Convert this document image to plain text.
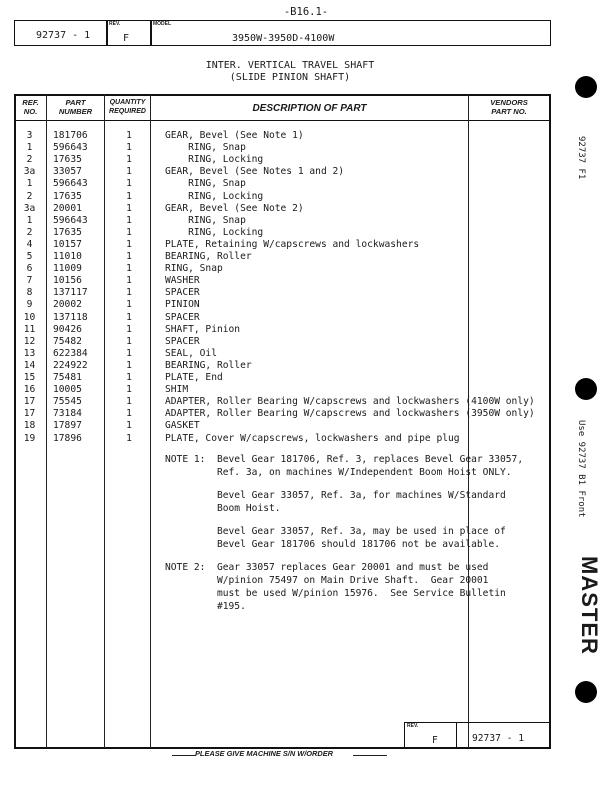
-B16.1-
92737 - 1
REV.
F
MODEL
3950W-3950D-4100W
INTER. VERTICAL TRAVEL SHAFT
(SLIDE PINION SHAFT)
REF.
NO.
PART
NUMBER
QUANTITY
REQUIRED	DESCRIPTION OF PART
VENDORS
PART NO.
3	181706	1	GEAR, Bevel (See Note 1)
1	596643	1	RING, Snap
2	17635	1	RING, Locking
3a	33057	1	GEAR, Bevel (See Notes 1 and 2)
1	596643	1	RING, Snap
2	17635	1	RING, Locking
3a	20001	1	GEAR, Bevel (See Note 2)
1	596643	1	RING, Snap
2	17635	1	RING, Locking
4	10157	1	PLATE, Retaining W/capscrews and lockwashers
5	11010	1	BEARING, Roller
6	11009	1	RING, Snap
7	10156	1	WASHER
8	137117	1	SPACER
9	20002	1	PINION
10	137118	1	SPACER
11	90426	1	SHAFT, Pinion
12	75482	1	SPACER
13	622384	1	SEAL, Oil
14	224922	1	BEARING, Roller
15	75481	1	PLATE, End
16	10005	1	SHIM
17	75545	1	ADAPTER, Roller Bearing W/capscrews and lockwashers (4100W only)
17	73184	1	ADAPTER, Roller Bearing W/capscrews and lockwashers (3950W only)
18	17897	1	GASKET
19	17896	1	PLATE, Cover W/capscrews, lockwashers and pipe plug
NOTE 1:  Bevel Gear 181706, Ref. 3, replaces Bevel Gear 33057,
Ref. 3a, on machines W/Independent Boom Hoist ONLY.
Bevel Gear 33057, Ref. 3a, for machines W/Standard
Boom Hoist.
Bevel Gear 33057, Ref. 3a, may be used in place of
Bevel Gear 181706 should 181706 not be available.
NOTE 2:  Gear 33057 replaces Gear 20001 and must be used
W/pinion 75497 on Main Drive Shaft.  Gear 20001
must be used W/pinion 15976.  See Service Bulletin
#195.
REV.
F	92737 - 1
PLEASE GIVE MACHINE S/N W/ORDER
92737 F1
Use 92737 B1 Front
MASTER
